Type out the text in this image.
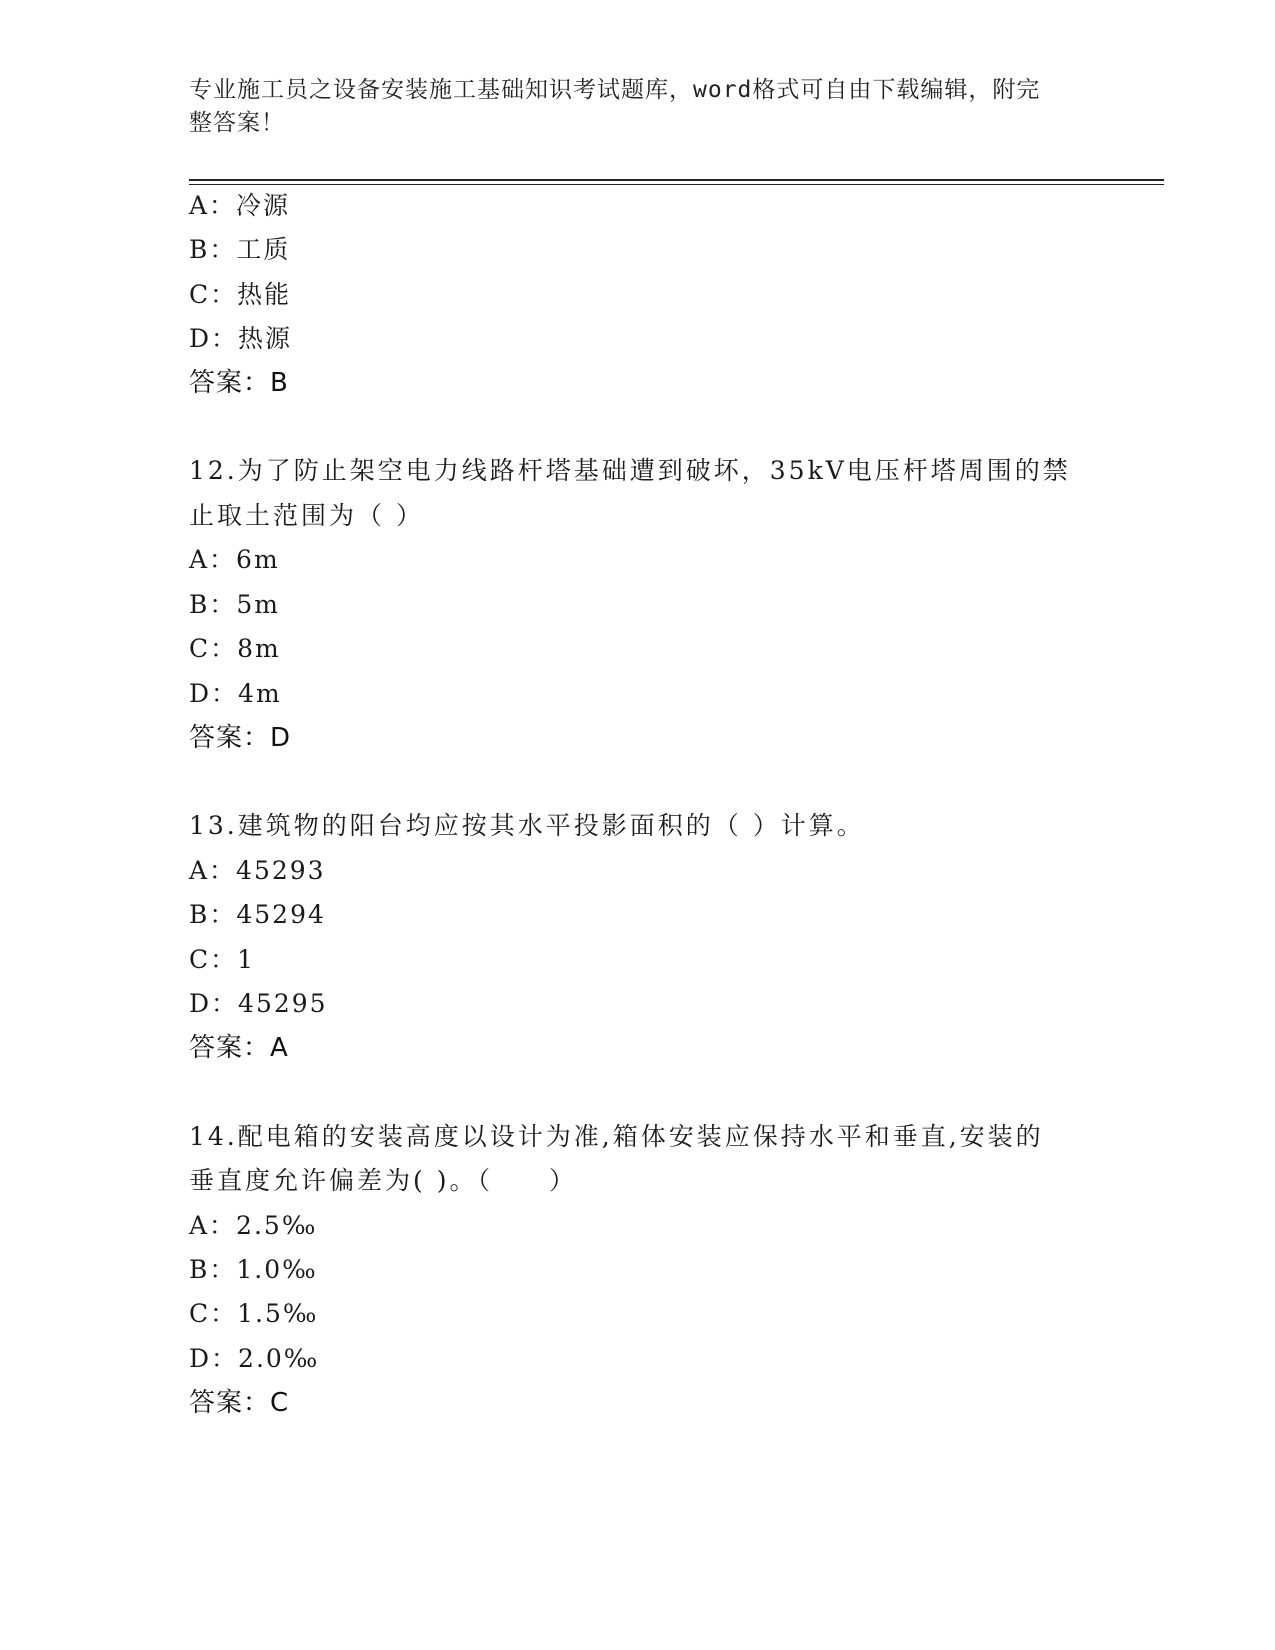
专业施工员之设备安装施工基础知识考试题库，word格式可自由下载编辑，附完
整答案！
A：冷源
B：工质
C：热能
D：热源
答案：B
12.为了防止架空电力线路杆塔基础遭到破坏，35kV电压杆塔周围的禁
止取土范围为（ ）
A：6m
B：5m
C：8m
D：4m
答案：D
13.建筑物的阳台均应按其水平投影面积的（ ）计算。
A：45293
B：45294
C：1
D：45295
答案：A
14.配电箱的安装高度以设计为准,箱体安装应保持水平和垂直,安装的
垂直度允许偏差为( )。（　　）
A：2.5‰
B：1.0‰
C：1.5‰
D：2.0‰
答案：C
